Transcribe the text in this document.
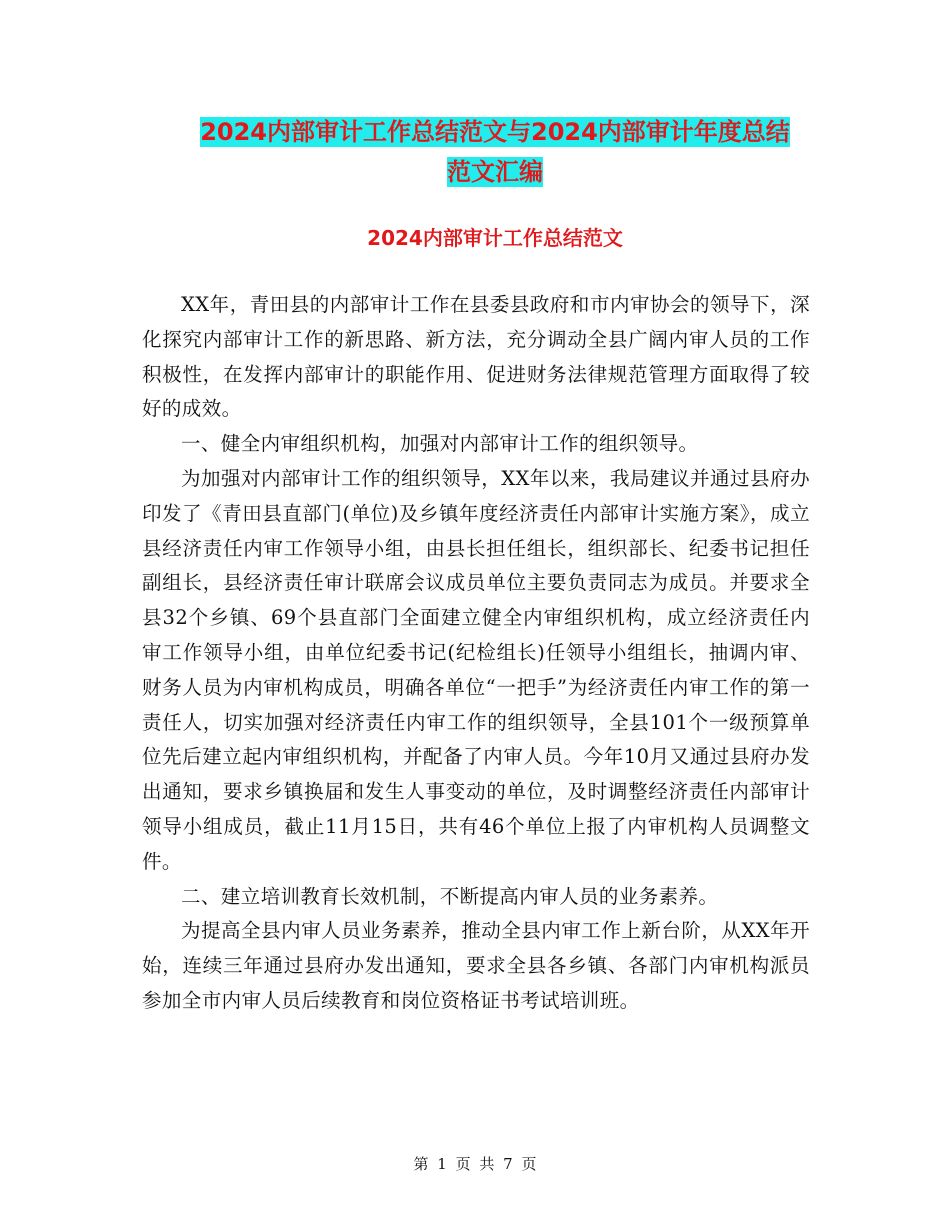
2024内部审计工作总结范文与2024内部审计年度总结
范文汇编
2024内部审计工作总结范文

XX年，青田县的内部审计工作在县委县政府和市内审协会的领导下，深化探究内部审计工作的新思路、新方法，充分调动全县广阔内审人员的工作积极性，在发挥内部审计的职能作用、促进财务法律规范管理方面取得了较好的成效。

一、健全内审组织机构，加强对内部审计工作的组织领导。

为加强对内部审计工作的组织领导，XX年以来，我局建议并通过县府办印发了《青田县直部门(单位)及乡镇年度经济责任内部审计实施方案》，成立县经济责任内审工作领导小组，由县长担任组长，组织部长、纪委书记担任副组长，县经济责任审计联席会议成员单位主要负责同志为成员。并要求全县32个乡镇、69个县直部门全面建立健全内审组织机构，成立经济责任内审工作领导小组，由单位纪委书记(纪检组长)任领导小组组长，抽调内审、财务人员为内审机构成员，明确各单位“一把手”为经济责任内审工作的第一责任人，切实加强对经济责任内审工作的组织领导，全县101个一级预算单位先后建立起内审组织机构，并配备了内审人员。今年10月又通过县府办发出通知，要求乡镇换届和发生人事变动的单位，及时调整经济责任内部审计领导小组成员，截止11月15日，共有46个单位上报了内审机构人员调整文件。

二、建立培训教育长效机制，不断提高内审人员的业务素养。

为提高全县内审人员业务素养，推动全县内审工作上新台阶，从XX年开始，连续三年通过县府办发出通知，要求全县各乡镇、各部门内审机构派员参加全市内审人员后续教育和岗位资格证书考试培训班。

第 1 页 共 7 页
